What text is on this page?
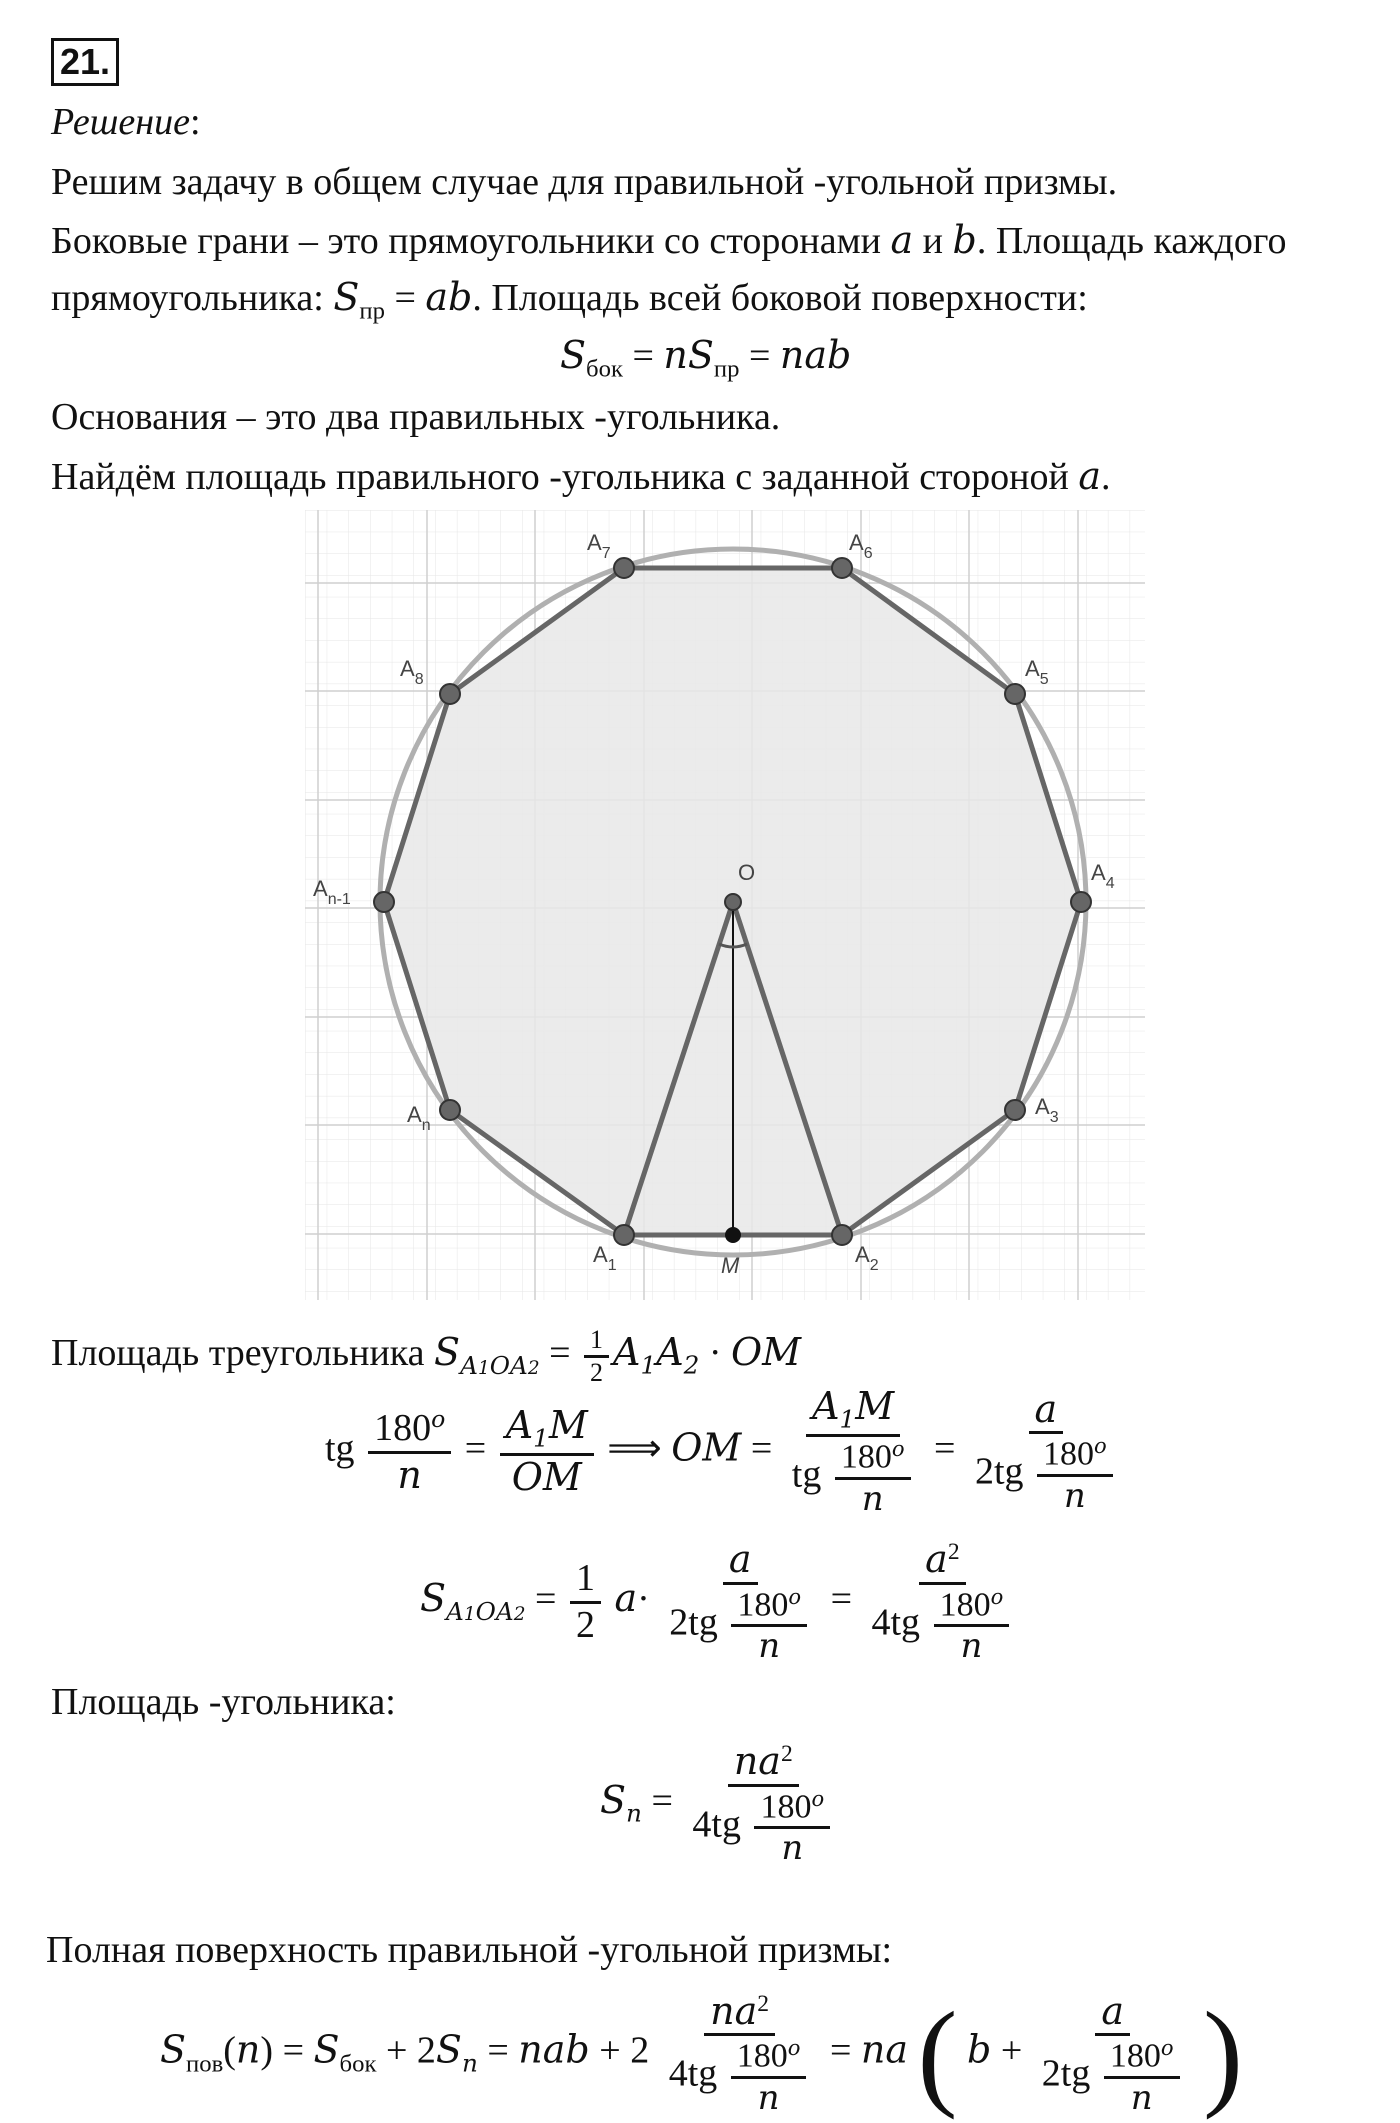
21.
Решение:
Решим задачу в общем случае для правильной -угольной призмы.
Боковые грани – это прямоугольники со сторонами a и b. Площадь каждого
прямоугольника: $S_{пр}$ = ab. Площадь всей боковой поверхности:
$S_{бок} = nS_{пр}$ = nab
Основания – это два правильных -угольника.
Найдём площадь правильного -угольника с заданной стороной a.
O
M
$A_1$	$A_2$
$A_3$
$A_4$
$A_5$
$A_6$
$A_7$
$A_8$
$A_{n-1}$
$A_n$
Площадь треугольника $S_{A1OA2} = \frac{1}{2} A_1A_2$ · OM
tg $\frac{180^o}{n} = \frac{A_1M}{OM}$ ⟹ OM = $\frac{A_1M}{tg \frac{180^o}{n}} = \frac{a}{2tg \frac{180^o}{n}}$
$S_{A1OA2} = \frac{1}{2} a\cdot \frac{a}{2tg \frac{180^o}{n}} = \frac{a^2}{4tg \frac{180^o}{n}}$
Площадь -угольника:
$S_n = \frac{na^2}{4tg \frac{180^o}{n}}$
Полная поверхность правильной -угольной призмы:
$S_{пов}(n) = S_{бок} + 2S_n$ = nab + $2 \frac{na^2}{4tg \frac{180^o}{n}}$ = na ( $b + \frac{a}{2tg \frac{180^o}{n}}$ )
